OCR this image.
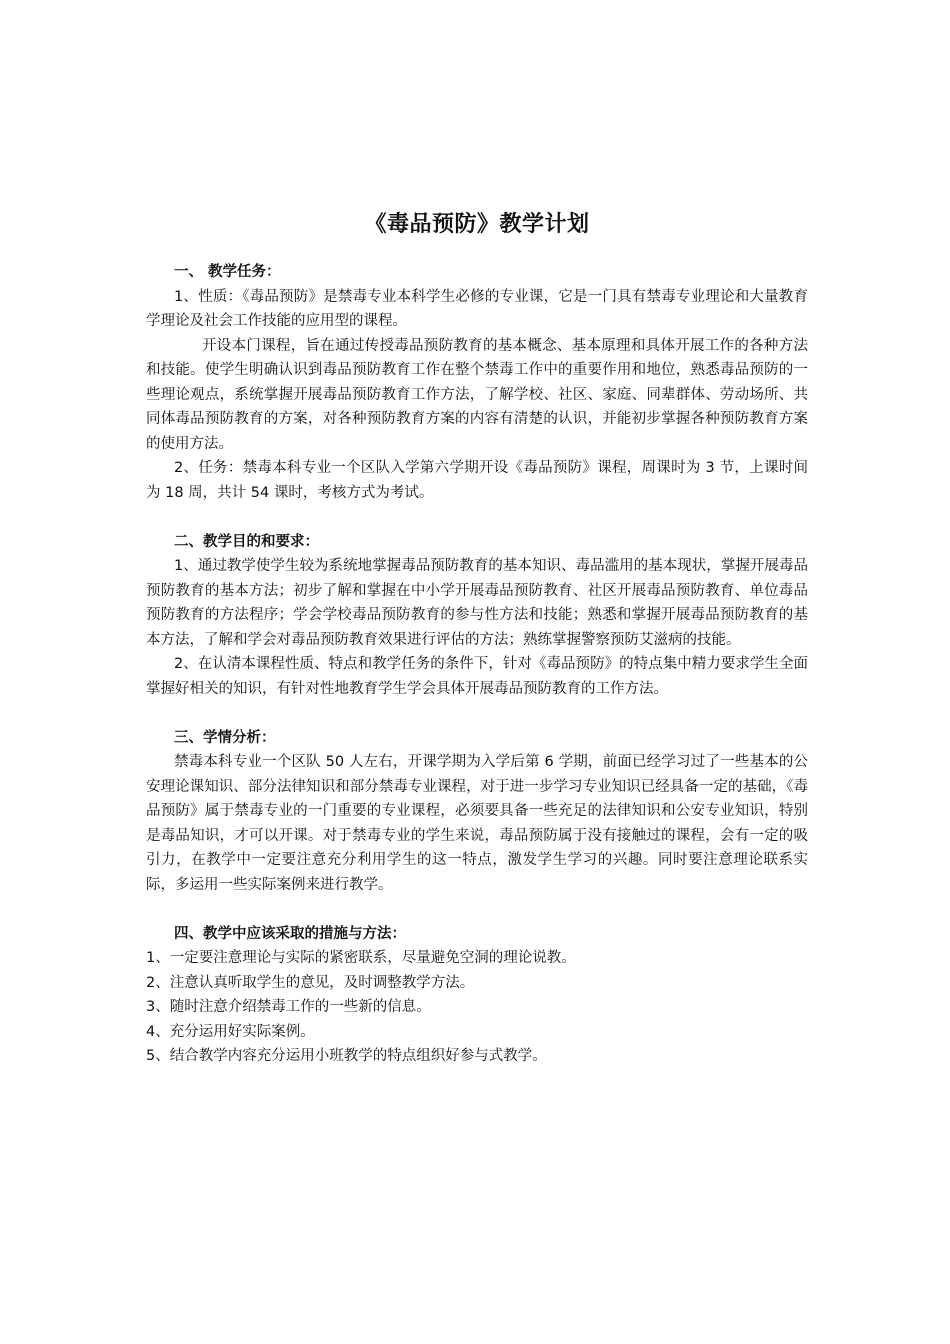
《毒品预防》教学计划

一、 教学任务：

1、性质：《毒品预防》是禁毒专业本科学生必修的专业课，它是一门具有禁毒专业理论和大量教育学理论及社会工作技能的应用型的课程。

开设本门课程，旨在通过传授毒品预防教育的基本概念、基本原理和具体开展工作的各种方法和技能。使学生明确认识到毒品预防教育工作在整个禁毒工作中的重要作用和地位，熟悉毒品预防的一些理论观点，系统掌握开展毒品预防教育工作方法，了解学校、社区、家庭、同辈群体、劳动场所、共同体毒品预防教育的方案，对各种预防教育方案的内容有清楚的认识，并能初步掌握各种预防教育方案的使用方法。

2、任务：禁毒本科专业一个区队入学第六学期开设《毒品预防》课程，周课时为 3 节，上课时间为 18 周，共计 54 课时，考核方式为考试。

二、教学目的和要求：

1、通过教学使学生较为系统地掌握毒品预防教育的基本知识、毒品滥用的基本现状，掌握开展毒品预防教育的基本方法；初步了解和掌握在中小学开展毒品预防教育、社区开展毒品预防教育、单位毒品预防教育的方法程序；学会学校毒品预防教育的参与性方法和技能；熟悉和掌握开展毒品预防教育的基本方法，了解和学会对毒品预防教育效果进行评估的方法；熟练掌握警察预防艾滋病的技能。

2、在认清本课程性质、特点和教学任务的条件下，针对《毒品预防》的特点集中精力要求学生全面掌握好相关的知识，有针对性地教育学生学会具体开展毒品预防教育的工作方法。

三、学情分析：

禁毒本科专业一个区队 50 人左右，开课学期为入学后第 6 学期，前面已经学习过了一些基本的公安理论课知识、部分法律知识和部分禁毒专业课程，对于进一步学习专业知识已经具备一定的基础，《毒品预防》属于禁毒专业的一门重要的专业课程，必须要具备一些充足的法律知识和公安专业知识，特别是毒品知识，才可以开课。对于禁毒专业的学生来说，毒品预防属于没有接触过的课程，会有一定的吸引力，在教学中一定要注意充分利用学生的这一特点，激发学生学习的兴趣。同时要注意理论联系实际，多运用一些实际案例来进行教学。

四、教学中应该采取的措施与方法：

1、一定要注意理论与实际的紧密联系，尽量避免空洞的理论说教。
2、注意认真听取学生的意见，及时调整教学方法。
3、随时注意介绍禁毒工作的一些新的信息。
4、充分运用好实际案例。
5、结合教学内容充分运用小班教学的特点组织好参与式教学。
